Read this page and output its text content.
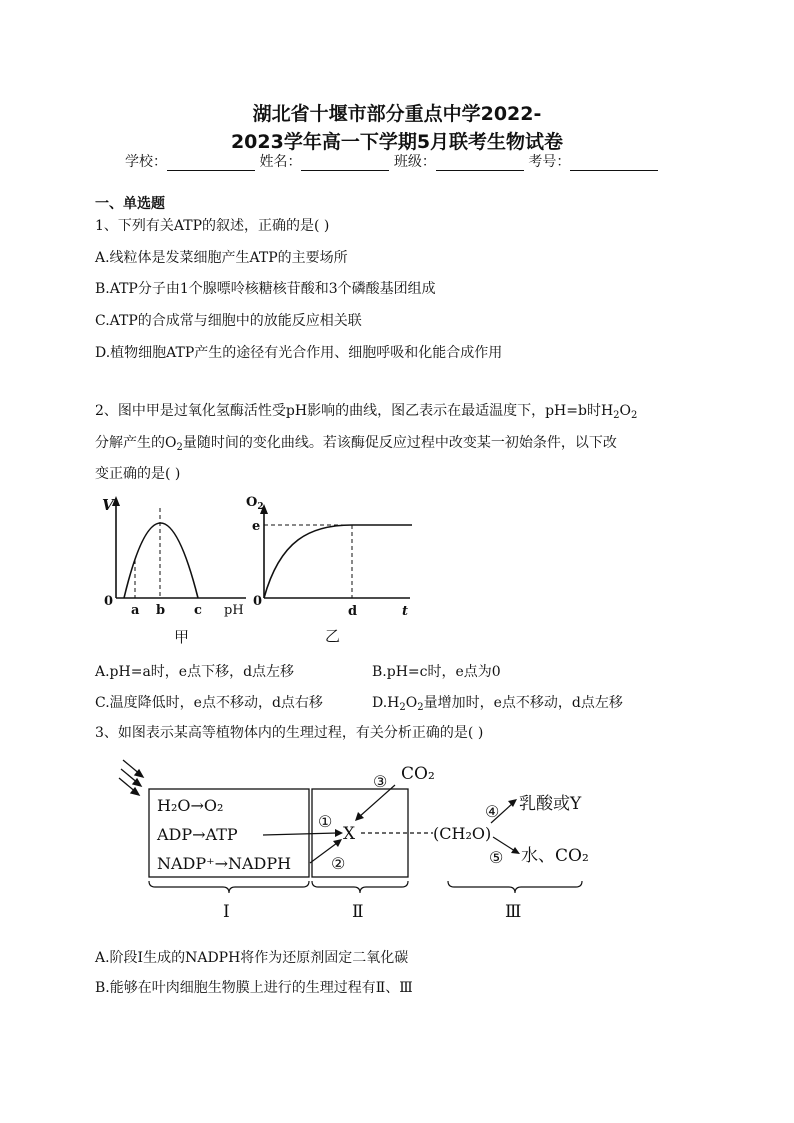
湖北省十堰市部分重点中学2022-
2023学年高一下学期5月联考生物试卷
学校：	姓名：	班级：	考号：
一、单选题
1、下列有关ATP的叙述，正确的是( )
A.线粒体是发菜细胞产生ATP的主要场所
B.ATP分子由1个腺嘌呤核糖核苷酸和3个磷酸基团组成
C.ATP的合成常与细胞中的放能反应相关联
D.植物细胞ATP产生的途径有光合作用、细胞呼吸和化能合成作用
2、图中甲是过氧化氢酶活性受pH影响的曲线，图乙表示在最适温度下，pH=b时$H_2O_2$
分解产生的$O_2$量随时间的变化曲线。若该酶促反应过程中改变某一初始条件，以下改
变正确的是( )
V
0
a b c pH
甲
$O_2$
e
0
d	t
乙
A.pH=a时，e点下移，d点左移	B.pH=c时，e点为0
C.温度降低时，e点不移动，d点右移	$D.H_2O_2$量增加时，e点不移动，d点左移
3、如图表示某高等植物体内的生理过程，有关分析正确的是( )
H₂O→O₂
ADP→ATP
NADP⁺→NADPH
①
②
③ CO₂
X	(CH₂O)
④
⑤
乳酸或Y
水、CO₂
Ⅰ	Ⅱ	Ⅲ
A.阶段Ⅰ生成的NADPH将作为还原剂固定二氧化碳
B.能够在叶肉细胞生物膜上进行的生理过程有Ⅱ、Ⅲ
